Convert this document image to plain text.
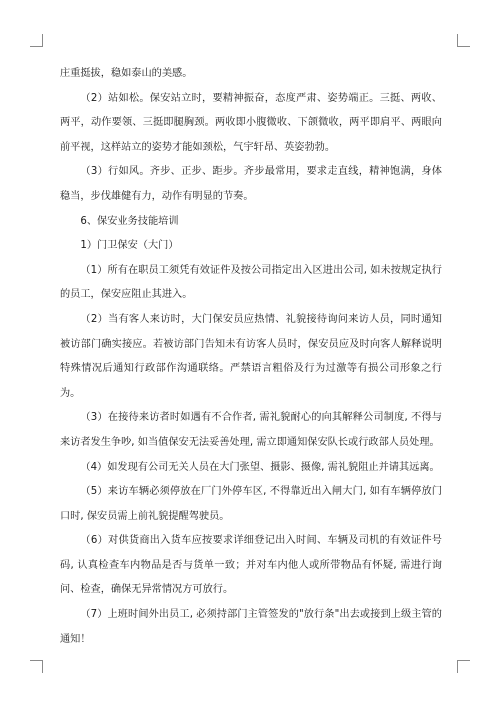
庄重挺拔，稳如泰山的美感。

（2）站如松。保安站立时，要精神振奋，态度严肃、姿势端正。三挺、两收、两平，动作要领、三挺即腿胸颈。两收即小腹微收、下颌微收，两平即肩平、两眼向前平视，这样站立的姿势才能如颈松，气宇轩昂、英姿勃勃。

（3）行如风。齐步、正步、距步。齐步最常用，要求走直线，精神饱满，身体稳当，步伐雄健有力，动作有明显的节奏。

6、保安业务技能培训

1）门卫保安（大门）

（1）所有在职员工须凭有效证件及按公司指定出入区进出公司, 如未按规定执行的员工，保安应阻止其进入。

（2）当有客人来访时，大门保安员应热情、礼貌接待询问来访人员，同时通知被访部门确实接应。若被访部门告知未有访客人员时，保安员应及时向客人解释说明特殊情况后通知行政部作沟通联络。严禁语言粗俗及行为过激等有损公司形象之行为。

（3）在接待来访者时如遇有不合作者, 需礼貌耐心的向其解释公司制度, 不得与来访者发生争吵, 如当值保安无法妥善处理, 需立即通知保安队长或行政部人员处理。

（4）如发现有公司无关人员在大门张望、摄影、摄像, 需礼貌阻止并请其远离。

（5）来访车辆必须停放在厂门外停车区, 不得靠近出入闸大门, 如有车辆停放门口时, 保安员需上前礼貌提醒驾驶员。

（6）对供货商出入货车应按要求详细登记出入时间、车辆及司机的有效证件号码, 认真检查车内物品是否与货单一致；并对车内他人或所带物品有怀疑, 需进行询问、检查，确保无异常情况方可放行。

（7）上班时间外出员工, 必须持部门主管签发的"放行条"出去或接到上级主管的通知！
